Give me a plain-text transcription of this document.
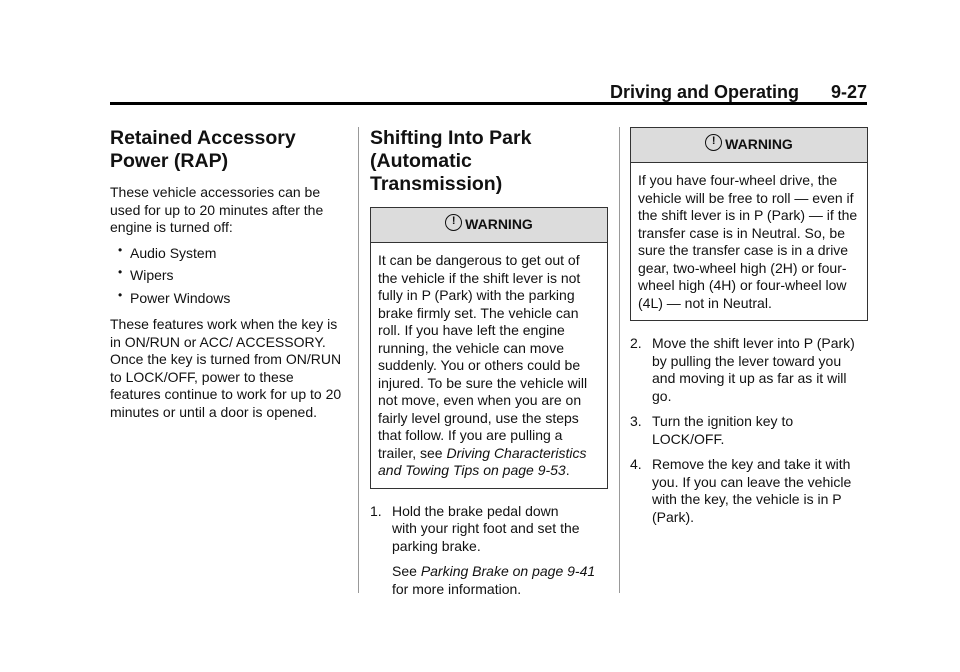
Driving and Operating 9-27
Retained Accessory
Power (RAP)

These vehicle accessories can be used for up to 20 minutes after the engine is turned off:

• Audio System
• Wipers
• Power Windows

These features work when the key is in ON/RUN or ACC/ ACCESSORY. Once the key is turned from ON/RUN to LOCK/OFF, power to these features continue to work for up to 20 minutes or until a door is opened.

Shifting Into Park
(Automatic Transmission)
! WARNING
It can be dangerous to get out of the vehicle if the shift lever is not fully in P (Park) with the parking brake firmly set. The vehicle can roll. If you have left the engine running, the vehicle can move suddenly. You or others could be injured. To be sure the vehicle will not move, even when you are on fairly level ground, use the steps that follow. If you are pulling a trailer, see Driving Characteristics and Towing Tips on page 9-53.
1. Hold the brake pedal down
with your right foot and set the parking brake.
See Parking Brake on page 9-41
for more information.
! WARNING
If you have four-wheel drive, the vehicle will be free to roll — even if the shift lever is in P (Park) — if the transfer case is in Neutral. So, be sure the transfer case is in a drive gear, two-wheel high (2H) or four-wheel high (4H) or four-wheel low (4L) — not in Neutral.
2. Move the shift lever into P (Park)
by pulling the lever toward you and moving it up as far as it will go.
3. Turn the ignition key to
LOCK/OFF.
4. Remove the key and take it with
you. If you can leave the vehicle with the key, the vehicle is in P (Park).
